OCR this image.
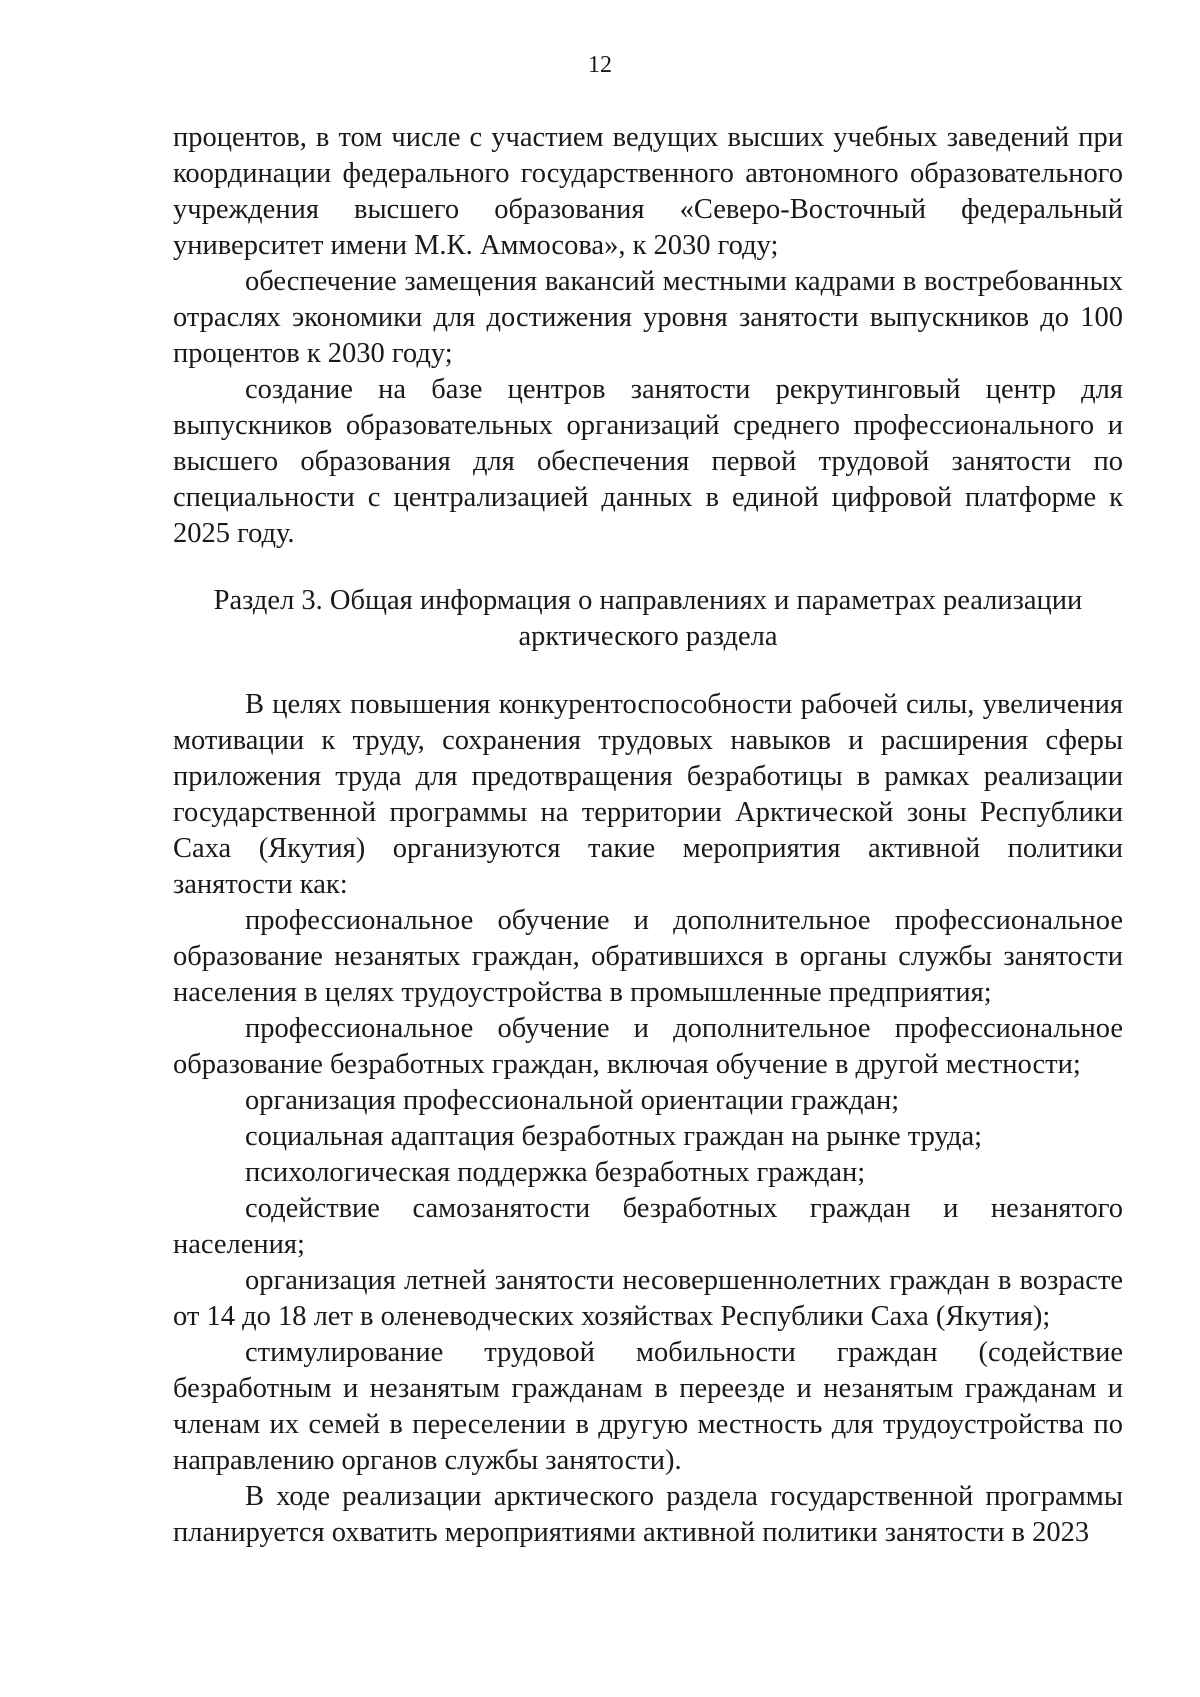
12

процентов, в том числе с участием ведущих высших учебных заведений при координации федерального государственного автономного образовательного учреждения высшего образования «Северо-Восточный федеральный университет имени М.К. Аммосова», к 2030 году;

обеспечение замещения вакансий местными кадрами в востребованных отраслях экономики для достижения уровня занятости выпускников до 100 процентов к 2030 году;

создание на базе центров занятости рекрутинговый центр для выпускников образовательных организаций среднего профессионального и высшего образования для обеспечения первой трудовой занятости по специальности с централизацией данных в единой цифровой платформе к 2025 году.

Раздел 3. Общая информация о направлениях и параметрах реализации
арктического раздела

В целях повышения конкурентоспособности рабочей силы, увеличения мотивации к труду, сохранения трудовых навыков и расширения сферы приложения труда для предотвращения безработицы в рамках реализации государственной программы на территории Арктической зоны Республики Саха (Якутия) организуются такие мероприятия активной политики занятости как:

профессиональное обучение и дополнительное профессиональное образование незанятых граждан, обратившихся в органы службы занятости населения в целях трудоустройства в промышленные предприятия;

профессиональное обучение и дополнительное профессиональное образование безработных граждан, включая обучение в другой местности;

организация профессиональной ориентации граждан;

социальная адаптация безработных граждан на рынке труда;

психологическая поддержка безработных граждан;

содействие самозанятости безработных граждан и незанятого населения;

организация летней занятости несовершеннолетних граждан в возрасте от 14 до 18 лет в оленеводческих хозяйствах Республики Саха (Якутия);

стимулирование трудовой мобильности граждан (содействие безработным и незанятым гражданам в переезде и незанятым гражданам и членам их семей в переселении в другую местность для трудоустройства по направлению органов службы занятости).

В ходе реализации арктического раздела государственной программы планируется охватить мероприятиями активной политики занятости в 2023
